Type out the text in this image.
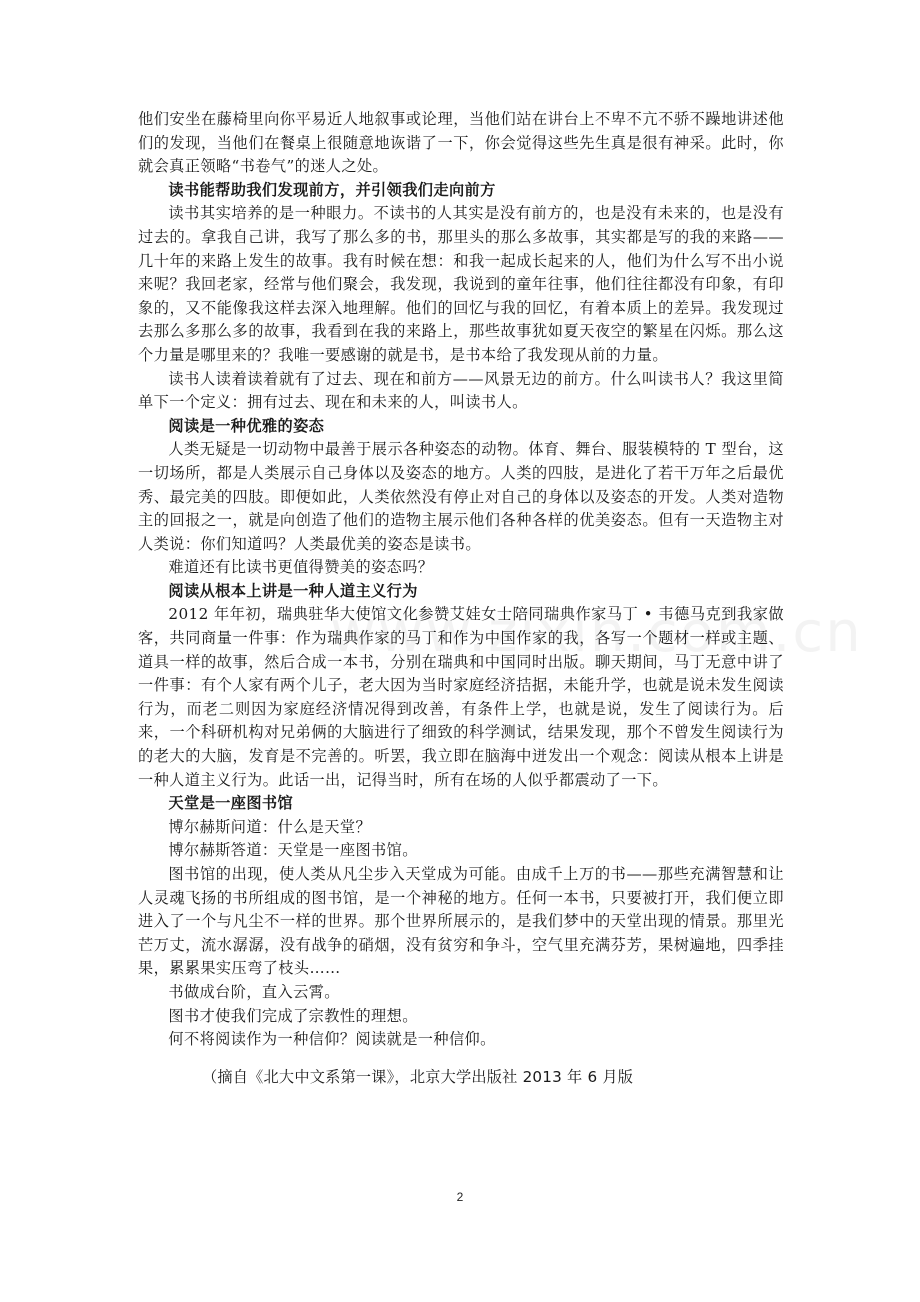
他们安坐在藤椅里向你平易近人地叙事或论理，当他们站在讲台上不卑不亢不骄不躁地讲述他们的发现，当他们在餐桌上很随意地诙谐了一下，你会觉得这些先生真是很有神采。此时，你就会真正领略“书卷气”的迷人之处。

读书能帮助我们发现前方，并引领我们走向前方

读书其实培养的是一种眼力。不读书的人其实是没有前方的，也是没有未来的，也是没有过去的。拿我自己讲，我写了那么多的书，那里头的那么多故事，其实都是写的我的来路——几十年的来路上发生的故事。我有时候在想：和我一起成长起来的人，他们为什么写不出小说来呢？我回老家，经常与他们聚会，我发现，我说到的童年往事，他们往往都没有印象，有印象的，又不能像我这样去深入地理解。他们的回忆与我的回忆，有着本质上的差异。我发现过去那么多那么多的故事，我看到在我的来路上，那些故事犹如夏天夜空的繁星在闪烁。那么这个力量是哪里来的？我唯一要感谢的就是书，是书本给了我发现从前的力量。

读书人读着读着就有了过去、现在和前方——风景无边的前方。什么叫读书人？我这里简单下一个定义：拥有过去、现在和未来的人，叫读书人。

阅读是一种优雅的姿态

人类无疑是一切动物中最善于展示各种姿态的动物。体育、舞台、服装模特的 T 型台，这一切场所，都是人类展示自己身体以及姿态的地方。人类的四肢，是进化了若干万年之后最优秀、最完美的四肢。即便如此，人类依然没有停止对自己的身体以及姿态的开发。人类对造物主的回报之一，就是向创造了他们的造物主展示他们各种各样的优美姿态。但有一天造物主对人类说：你们知道吗？人类最优美的姿态是读书。

难道还有比读书更值得赞美的姿态吗？

阅读从根本上讲是一种人道主义行为

2012 年年初，瑞典驻华大使馆文化参赞艾娃女士陪同瑞典作家马丁 • 韦德马克到我家做客，共同商量一件事：作为瑞典作家的马丁和作为中国作家的我，各写一个题材一样或主题、道具一样的故事，然后合成一本书，分别在瑞典和中国同时出版。聊天期间，马丁无意中讲了一件事：有个人家有两个儿子，老大因为当时家庭经济拮据，未能升学，也就是说未发生阅读行为，而老二则因为家庭经济情况得到改善，有条件上学，也就是说，发生了阅读行为。后来，一个科研机构对兄弟俩的大脑进行了细致的科学测试，结果发现，那个不曾发生阅读行为的老大的大脑，发育是不完善的。听罢，我立即在脑海中迸发出一个观念：阅读从根本上讲是一种人道主义行为。此话一出，记得当时，所有在场的人似乎都震动了一下。

天堂是一座图书馆

博尔赫斯问道：什么是天堂？

博尔赫斯答道：天堂是一座图书馆。

图书馆的出现，使人类从凡尘步入天堂成为可能。由成千上万的书——那些充满智慧和让人灵魂飞扬的书所组成的图书馆，是一个神秘的地方。任何一本书，只要被打开，我们便立即进入了一个与凡尘不一样的世界。那个世界所展示的，是我们梦中的天堂出现的情景。那里光芒万丈，流水潺潺，没有战争的硝烟，没有贫穷和争斗，空气里充满芬芳，果树遍地，四季挂果，累累果实压弯了枝头……

书做成台阶，直入云霄。

图书才使我们完成了宗教性的理想。

何不将阅读作为一种信仰？阅读就是一种信仰。

（摘自《北大中文系第一课》，北京大学出版社 2013 年 6 月版

2
